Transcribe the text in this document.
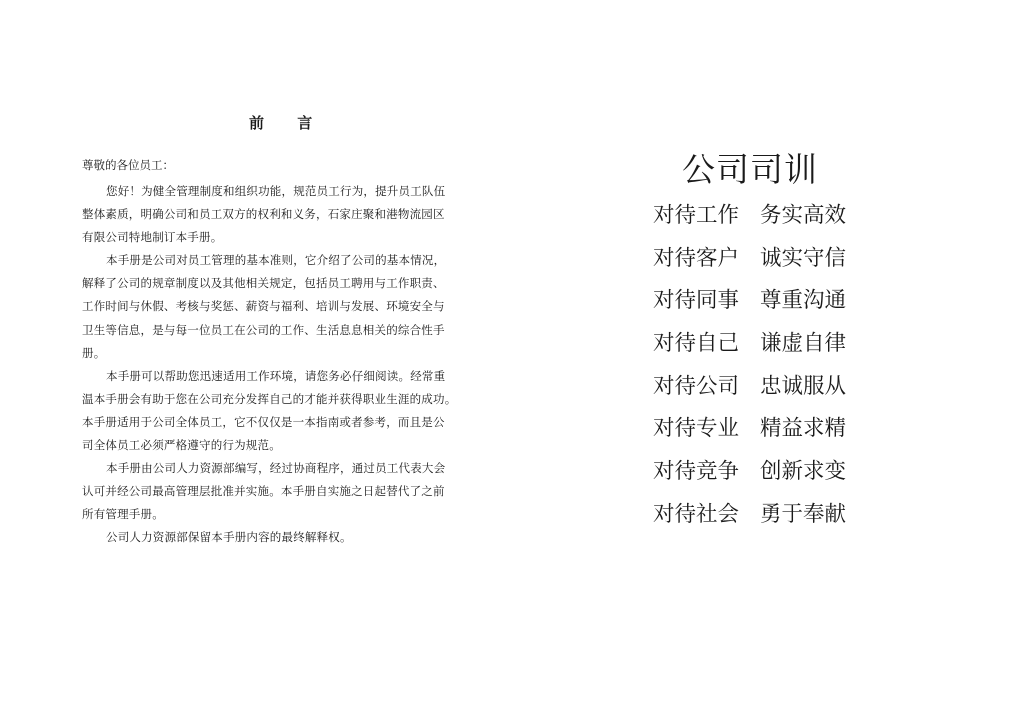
前 言
尊敬的各位员工：
您好！为健全管理制度和组织功能，规范员工行为，提升员工队伍
整体素质，明确公司和员工双方的权利和义务，石家庄聚和港物流园区
有限公司特地制订本手册。
本手册是公司对员工管理的基本准则，它介绍了公司的基本情况，
解释了公司的规章制度以及其他相关规定，包括员工聘用与工作职责、
工作时间与休假、考核与奖惩、薪资与福利、培训与发展、环境安全与
卫生等信息，是与每一位员工在公司的工作、生活息息相关的综合性手
册。
本手册可以帮助您迅速适用工作环境，请您务必仔细阅读。经常重
温本手册会有助于您在公司充分发挥自己的才能并获得职业生涯的成功。
本手册适用于公司全体员工，它不仅仅是一本指南或者参考，而且是公
司全体员工必须严格遵守的行为规范。
本手册由公司人力资源部编写，经过协商程序，通过员工代表大会
认可并经公司最高管理层批准并实施。本手册自实施之日起替代了之前
所有管理手册。
公司人力资源部保留本手册内容的最终解释权。
公司司训
对待工作 务实高效
对待客户 诚实守信
对待同事 尊重沟通
对待自己 谦虚自律
对待公司 忠诚服从
对待专业 精益求精
对待竞争 创新求变
对待社会 勇于奉献
